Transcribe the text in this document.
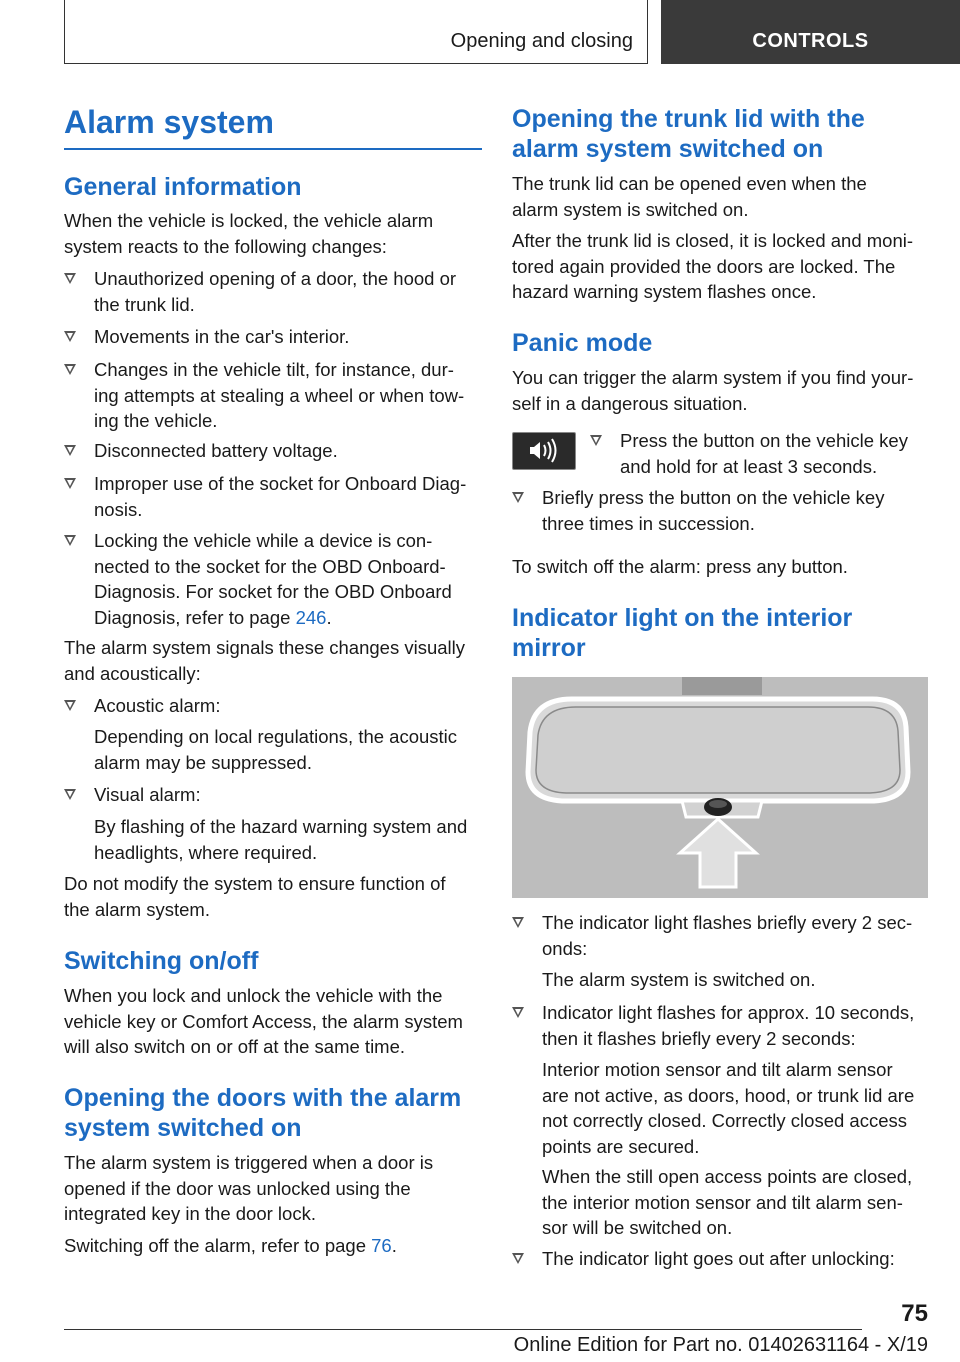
Opening and closing	CONTROLS
Alarm system
General information

When the vehicle is locked, the vehicle alarm
system reacts to the following changes:

Unauthorized opening of a door, the hood or
the trunk lid.
Movements in the car's interior.
Changes in the vehicle tilt, for instance, dur-
ing attempts at stealing a wheel or when tow-
ing the vehicle.
Disconnected battery voltage.
Improper use of the socket for Onboard Diag-
nosis.
Locking the vehicle while a device is con-
nected to the socket for the OBD Onboard-
Diagnosis. For socket for the OBD Onboard
Diagnosis, refer to page 246.

The alarm system signals these changes visually
and acoustically:

Acoustic alarm:

Depending on local regulations, the acoustic
alarm may be suppressed.

Visual alarm:

By flashing of the hazard warning system and
headlights, where required.

Do not modify the system to ensure function of
the alarm system.

Switching on/off

When you lock and unlock the vehicle with the
vehicle key or Comfort Access, the alarm system
will also switch on or off at the same time.

Opening the doors with the alarm
system switched on

The alarm system is triggered when a door is
opened if the door was unlocked using the
integrated key in the door lock.

Switching off the alarm, refer to page 76.

Opening the trunk lid with the
alarm system switched on

The trunk lid can be opened even when the
alarm system is switched on.

After the trunk lid is closed, it is locked and moni-
tored again provided the doors are locked. The
hazard warning system flashes once.

Panic mode

You can trigger the alarm system if you find your-
self in a dangerous situation.

Press the button on the vehicle key
and hold for at least 3 seconds.
Briefly press the button on the vehicle key
three times in succession.

To switch off the alarm: press any button.

Indicator light on the interior
mirror
The indicator light flashes briefly every 2 sec-
onds:

The alarm system is switched on.

Indicator light flashes for approx. 10 seconds,
then it flashes briefly every 2 seconds:

Interior motion sensor and tilt alarm sensor
are not active, as doors, hood, or trunk lid are
not correctly closed. Correctly closed access
points are secured.

When the still open access points are closed,
the interior motion sensor and tilt alarm sen-
sor will be switched on.

The indicator light goes out after unlocking:
75
Online Edition for Part no. 01402631164 - X/19
